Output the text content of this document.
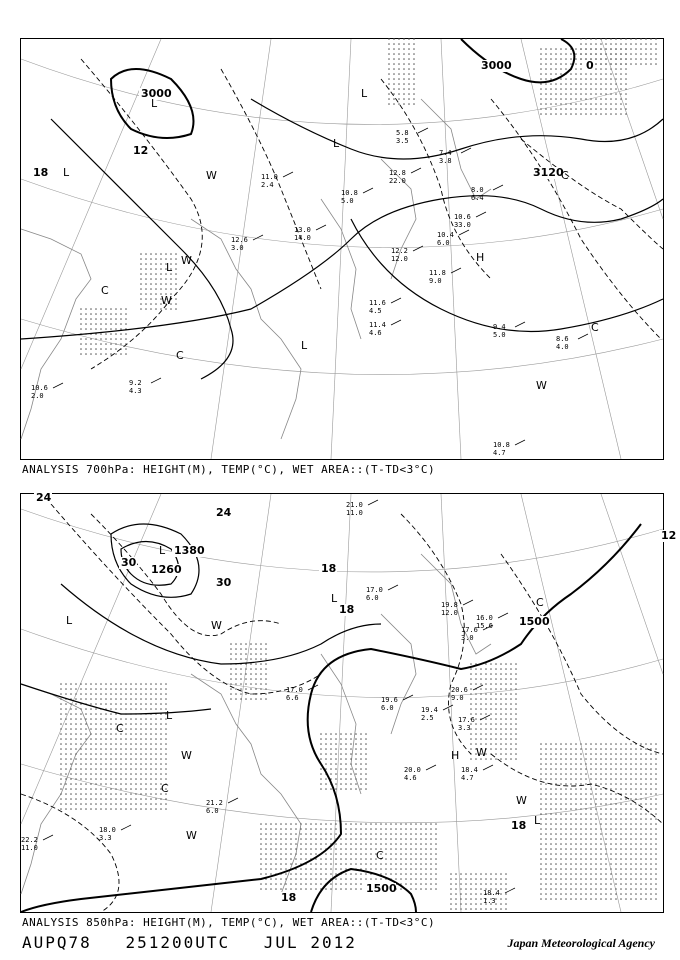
3000
3000
3120
0
12
18
L
L
L
L
L
L
W
W
W
W
C
C
C
C
H
12.8
22.0
11.0
2.4
10.8
5.0
12.6
3.0
13.0
14.0
12.2
12.0
11.8
9.0
10.4
6.0
9.4
5.0	8.6
4.0
10.8
4.7
10.6
2.0
9.2
4.3
11.6
4.5
10.6
33.0
8.0
6.4
7.4
3.8
5.8
3.5
11.4
4.6
ANALYSIS 700hPa: HEIGHT(M), TEMP(°C), WET AREA::(T-TD<3°C)
1500
1500
1380
1260
30
30
24
24
18
18
18
18
12
L
L
L
L
L
W
W	W
W
W
C
C
C
C
H
21.0
11.0
19.8
12.0
17.0
6.0
20.6
9.0
19.6
6.0
17.6
3.3
18.4
4.7
17.6
3.0
21.2
6.0
18.0
3.3
22.2
11.0
20.0
4.6
19.4
2.5
18.4
1.3
16.0
15.6
17.0
6.6
ANALYSIS 850hPa: HEIGHT(M), TEMP(°C), WET AREA::(T-TD<3°C)
AUPQ78 251200UTC JUL 2012	Japan Meteorological Agency
